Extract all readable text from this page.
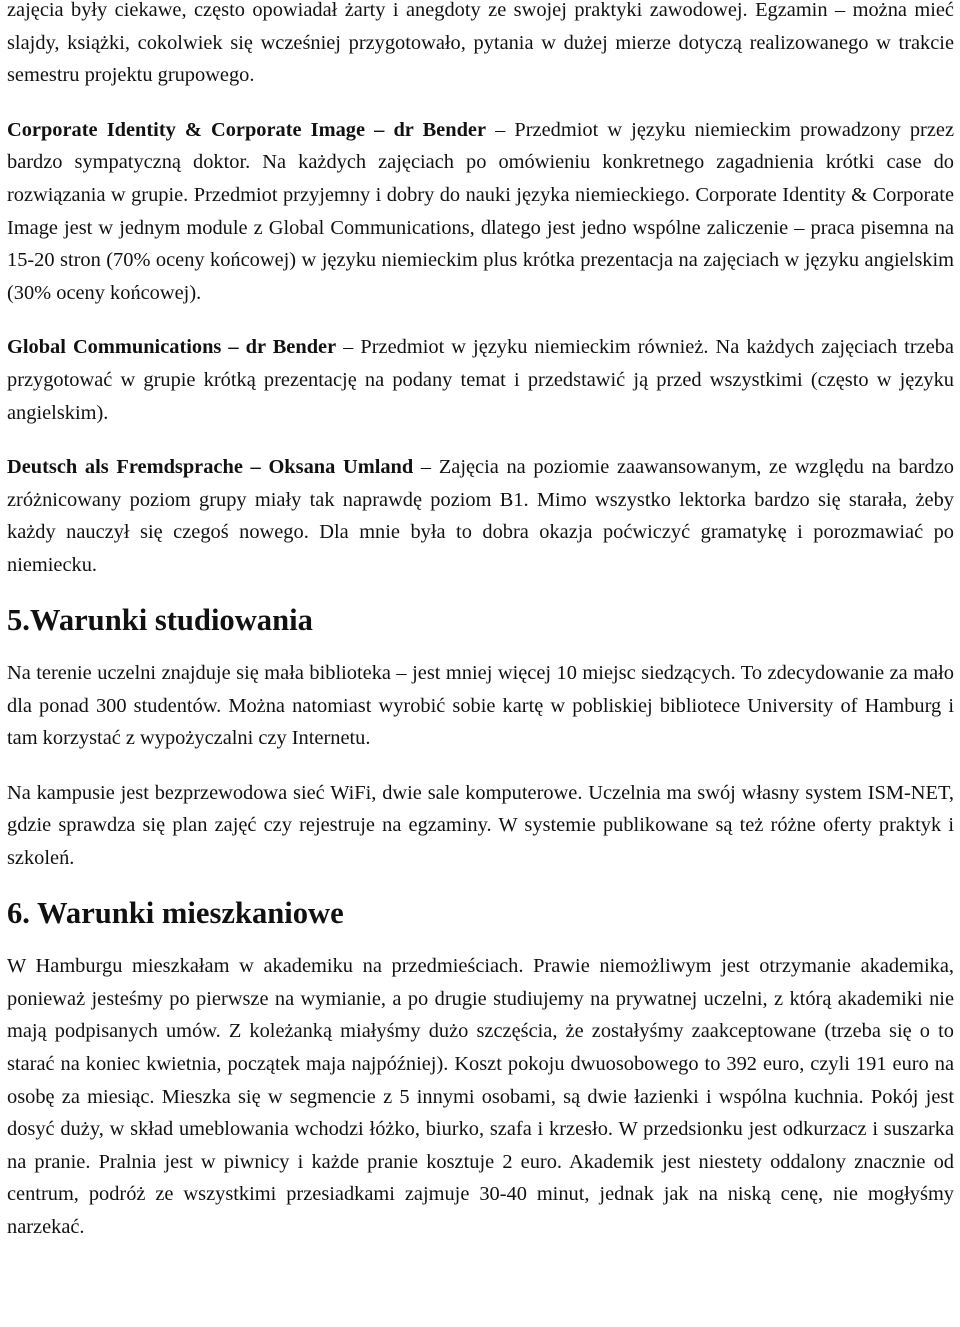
zajęcia były ciekawe, często opowiadał żarty i anegdoty ze swojej praktyki zawodowej. Egzamin – można mieć slajdy, książki, cokolwiek się wcześniej przygotowało, pytania w dużej mierze dotyczą realizowanego w trakcie semestru projektu grupowego.

Corporate Identity & Corporate Image – dr Bender – Przedmiot w języku niemieckim prowadzony przez bardzo sympatyczną doktor. Na każdych zajęciach po omówieniu konkretnego zagadnienia krótki case do rozwiązania w grupie. Przedmiot przyjemny i dobry do nauki języka niemieckiego. Corporate Identity & Corporate Image jest w jednym module z Global Communications, dlatego jest jedno wspólne zaliczenie – praca pisemna na 15-20 stron (70% oceny końcowej) w języku niemieckim plus krótka prezentacja na zajęciach w języku angielskim (30% oceny końcowej).

Global Communications – dr Bender – Przedmiot w języku niemieckim również. Na każdych zajęciach trzeba przygotować w grupie krótką prezentację na podany temat i przedstawić ją przed wszystkimi (często w języku angielskim).

Deutsch als Fremdsprache – Oksana Umland – Zajęcia na poziomie zaawansowanym, ze względu na bardzo zróżnicowany poziom grupy miały tak naprawdę poziom B1. Mimo wszystko lektorka bardzo się starała, żeby każdy nauczył się czegoś nowego. Dla mnie była to dobra okazja poćwiczyć gramatykę i porozmawiać po niemiecku.

5.Warunki studiowania

Na terenie uczelni znajduje się mała biblioteka – jest mniej więcej 10 miejsc siedzących. To zdecydowanie za mało dla ponad 300 studentów. Można natomiast wyrobić sobie kartę w pobliskiej bibliotece University of Hamburg i tam korzystać z wypożyczalni czy Internetu.

Na kampusie jest bezprzewodowa sieć WiFi, dwie sale komputerowe. Uczelnia ma swój własny system ISM-NET, gdzie sprawdza się plan zajęć czy rejestruje na egzaminy. W systemie publikowane są też różne oferty praktyk i szkoleń.

6. Warunki mieszkaniowe

W Hamburgu mieszkałam w akademiku na przedmieściach. Prawie niemożliwym jest otrzymanie akademika, ponieważ jesteśmy po pierwsze na wymianie, a po drugie studiujemy na prywatnej uczelni, z którą akademiki nie mają podpisanych umów. Z koleżanką miałyśmy dużo szczęścia, że zostałyśmy zaakceptowane (trzeba się o to starać na koniec kwietnia, początek maja najpóźniej). Koszt pokoju dwuosobowego to 392 euro, czyli 191 euro na osobę za miesiąc. Mieszka się w segmencie z 5 innymi osobami, są dwie łazienki i wspólna kuchnia. Pokój jest dosyć duży, w skład umeblowania wchodzi łóżko, biurko, szafa i krzesło. W przedsionku jest odkurzacz i suszarka na pranie. Pralnia jest w piwnicy i każde pranie kosztuje 2 euro. Akademik jest niestety oddalony znacznie od centrum, podróż ze wszystkimi przesiadkami zajmuje 30-40 minut, jednak jak na niską cenę, nie mogłyśmy narzekać.
